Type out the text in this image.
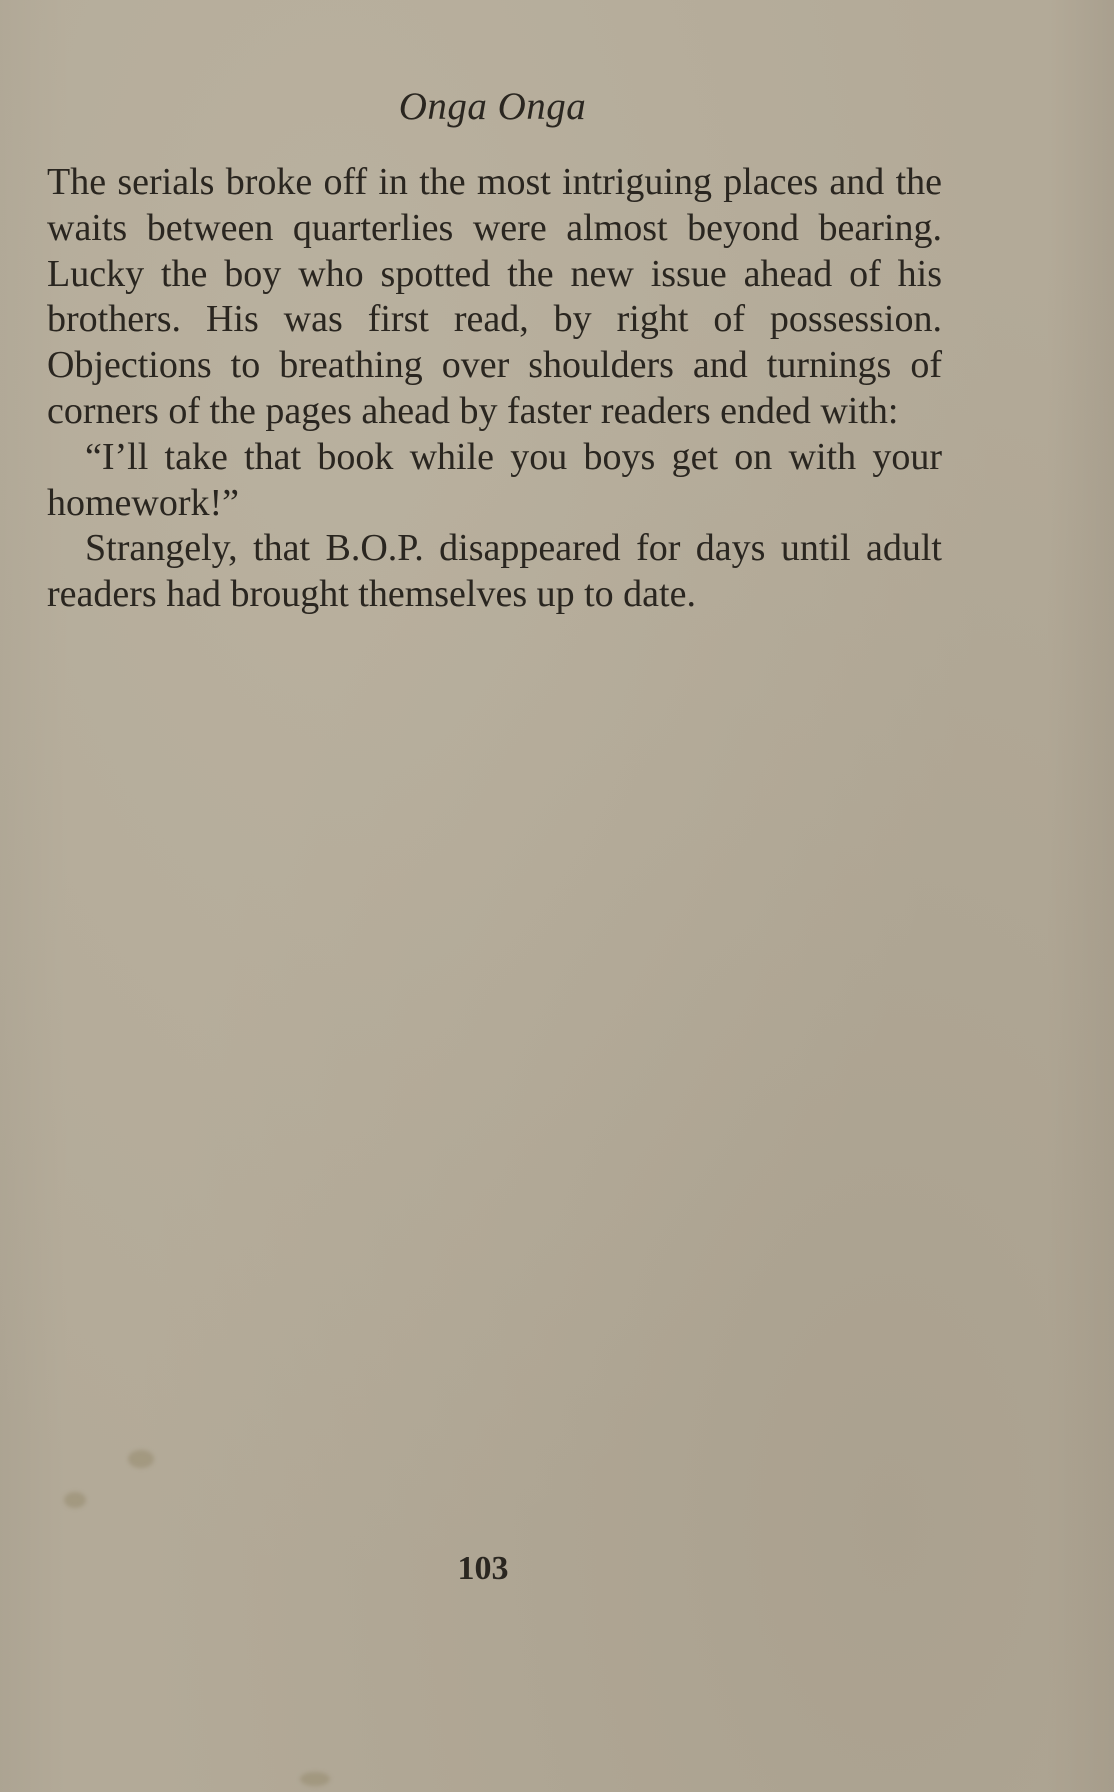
Onga Onga

The serials broke off in the most intriguing places and the waits between quarterlies were almost beyond bearing. Lucky the boy who spotted the new issue ahead of his brothers. His was first read, by right of possession. Objections to breathing over shoulders and turnings of corners of the pages ahead by faster readers ended with:

“I’ll take that book while you boys get on with your homework!”

Strangely, that B.O.P. disappeared for days until adult readers had brought themselves up to date.

103
